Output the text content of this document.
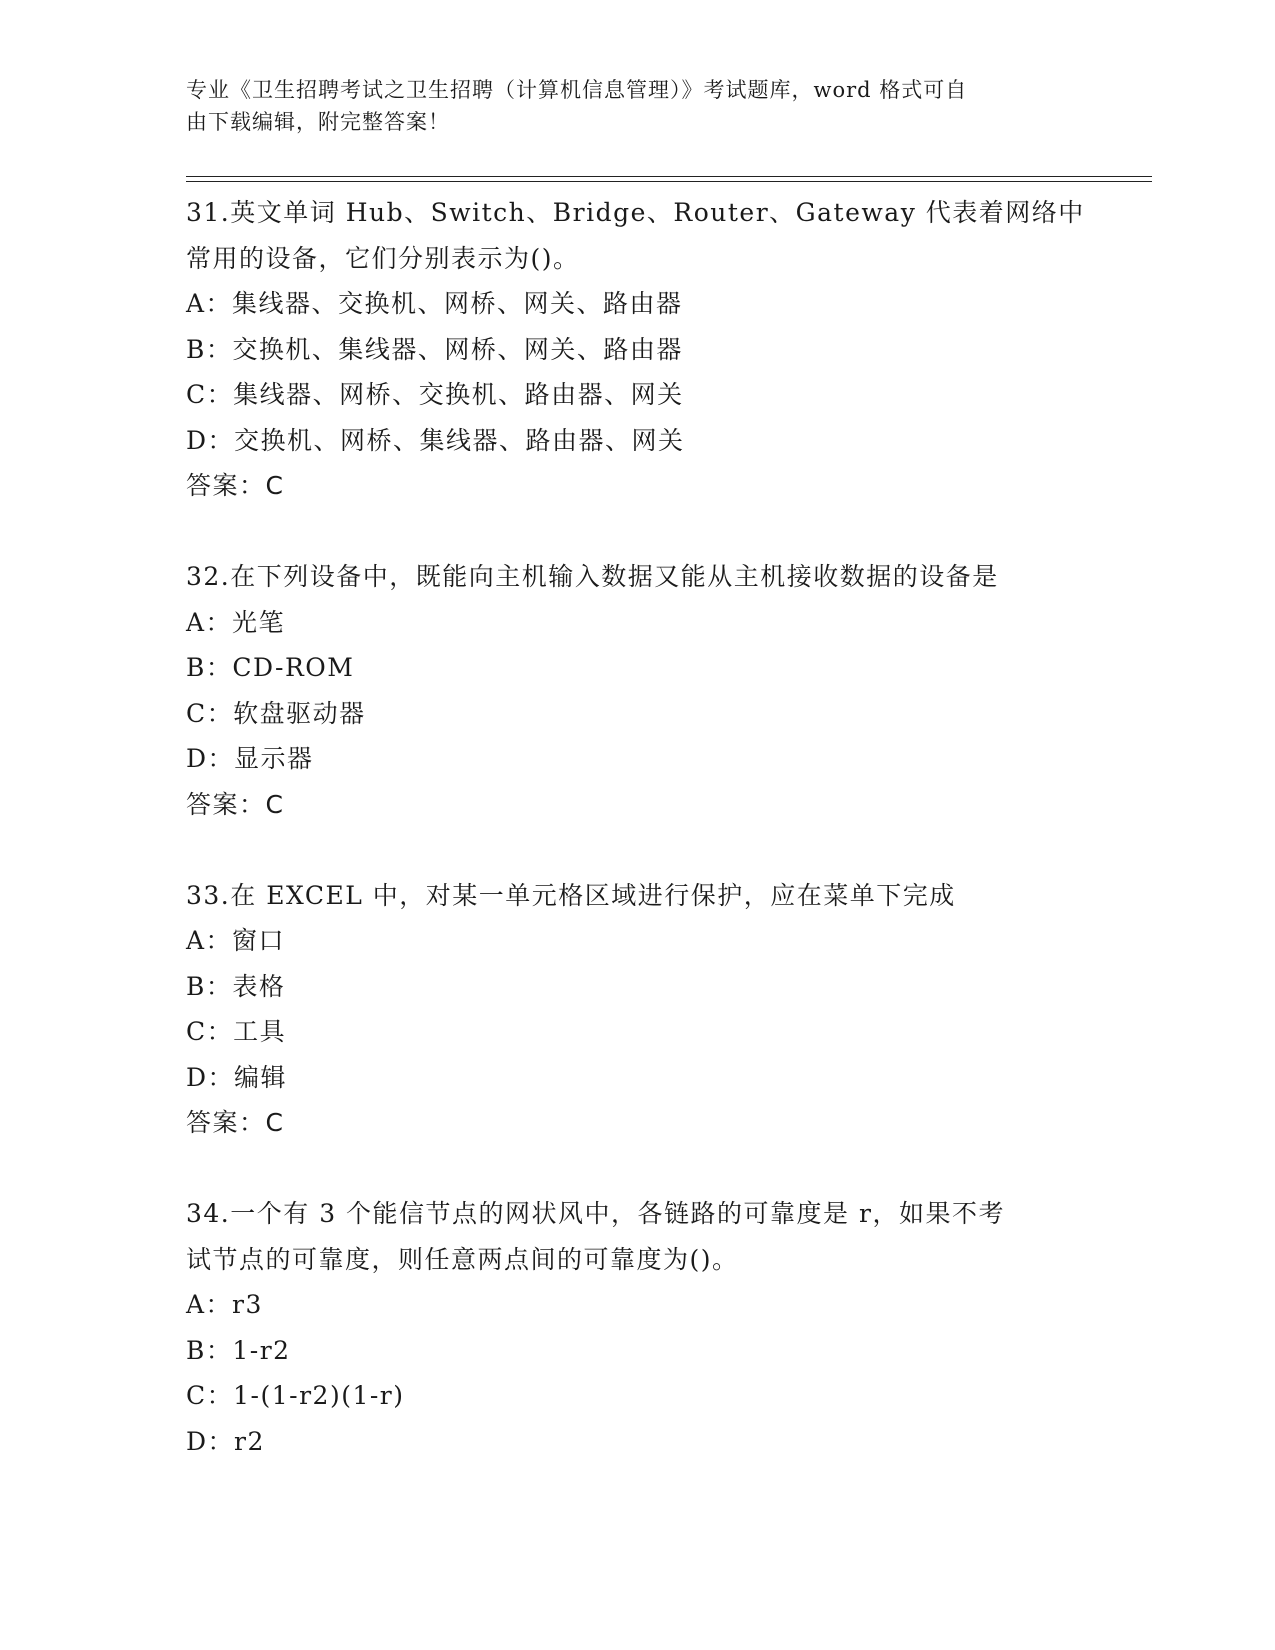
专业《卫生招聘考试之卫生招聘（计算机信息管理）》考试题库，word 格式可自
由下载编辑，附完整答案！
31.英文单词 Hub、Switch、Bridge、Router、Gateway 代表着网络中
常用的设备，它们分别表示为()。
A：集线器、交换机、网桥、网关、路由器
B：交换机、集线器、网桥、网关、路由器
C：集线器、网桥、交换机、路由器、网关
D：交换机、网桥、集线器、路由器、网关
答案：C
32.在下列设备中，既能向主机输入数据又能从主机接收数据的设备是
A：光笔
B：CD-ROM
C：软盘驱动器
D：显示器
答案：C
33.在 EXCEL 中，对某一单元格区域进行保护，应在菜单下完成
A：窗口
B：表格
C：工具
D：编辑
答案：C
34.一个有 3 个能信节点的网状风中，各链路的可靠度是 r，如果不考
试节点的可靠度，则任意两点间的可靠度为()。
A：r3
B：1-r2
C：1-(1-r2)(1-r)
D：r2
